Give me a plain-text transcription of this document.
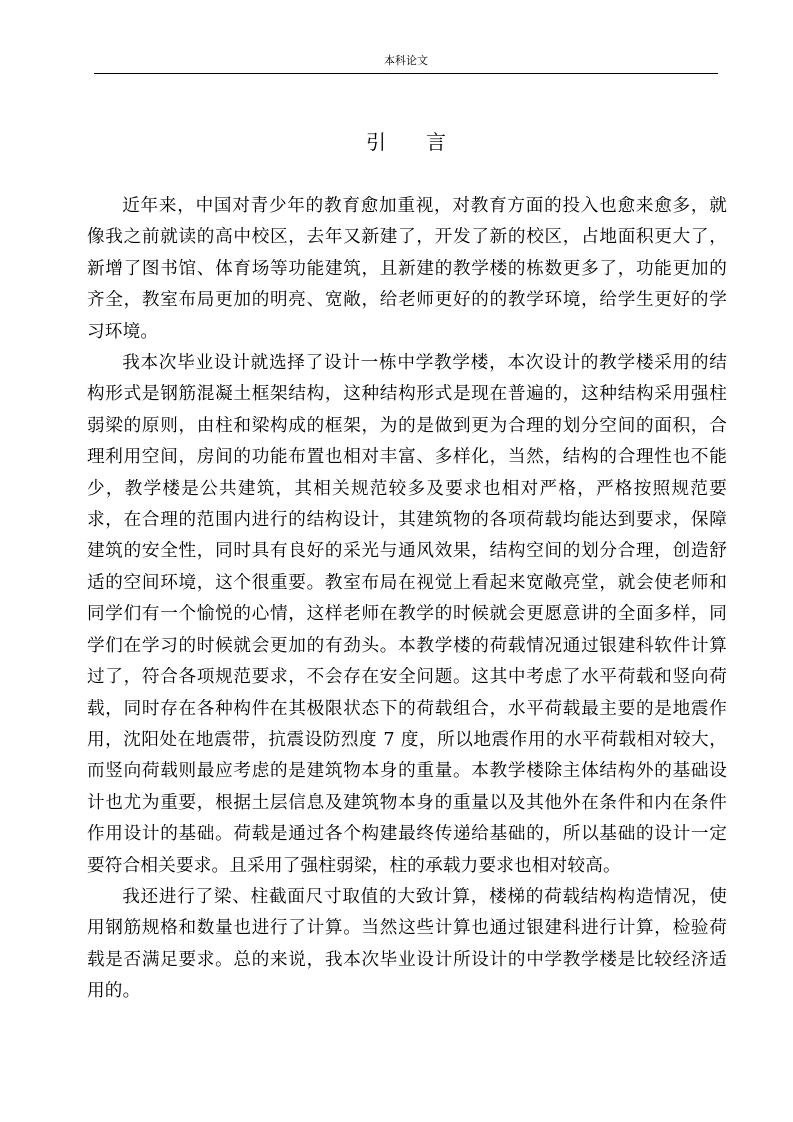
本科论文
引言

近年来，中国对青少年的教育愈加重视，对教育方面的投入也愈来愈多，就像我之前就读的高中校区，去年又新建了，开发了新的校区，占地面积更大了，新增了图书馆、体育场等功能建筑，且新建的教学楼的栋数更多了，功能更加的齐全，教室布局更加的明亮、宽敞，给老师更好的的教学环境，给学生更好的学习环境。

我本次毕业设计就选择了设计一栋中学教学楼，本次设计的教学楼采用的结构形式是钢筋混凝土框架结构，这种结构形式是现在普遍的，这种结构采用强柱弱梁的原则，由柱和梁构成的框架，为的是做到更为合理的划分空间的面积，合理利用空间，房间的功能布置也相对丰富、多样化，当然，结构的合理性也不能少，教学楼是公共建筑，其相关规范较多及要求也相对严格，严格按照规范要求，在合理的范围内进行的结构设计，其建筑物的各项荷载均能达到要求，保障建筑的安全性，同时具有良好的采光与通风效果，结构空间的划分合理，创造舒适的空间环境，这个很重要。教室布局在视觉上看起来宽敞亮堂，就会使老师和同学们有一个愉悦的心情，这样老师在教学的时候就会更愿意讲的全面多样，同学们在学习的时候就会更加的有劲头。本教学楼的荷载情况通过银建科软件计算过了，符合各项规范要求，不会存在安全问题。这其中考虑了水平荷载和竖向荷载，同时存在各种构件在其极限状态下的荷载组合，水平荷载最主要的是地震作用，沈阳处在地震带，抗震设防烈度 7 度，所以地震作用的水平荷载相对较大，而竖向荷载则最应考虑的是建筑物本身的重量。本教学楼除主体结构外的基础设计也尤为重要，根据土层信息及建筑物本身的重量以及其他外在条件和内在条件作用设计的基础。荷载是通过各个构建最终传递给基础的，所以基础的设计一定要符合相关要求。且采用了强柱弱梁，柱的承载力要求也相对较高。

我还进行了梁、柱截面尺寸取值的大致计算，楼梯的荷载结构构造情况，使用钢筋规格和数量也进行了计算。当然这些计算也通过银建科进行计算，检验荷载是否满足要求。总的来说，我本次毕业设计所设计的中学教学楼是比较经济适用的。
